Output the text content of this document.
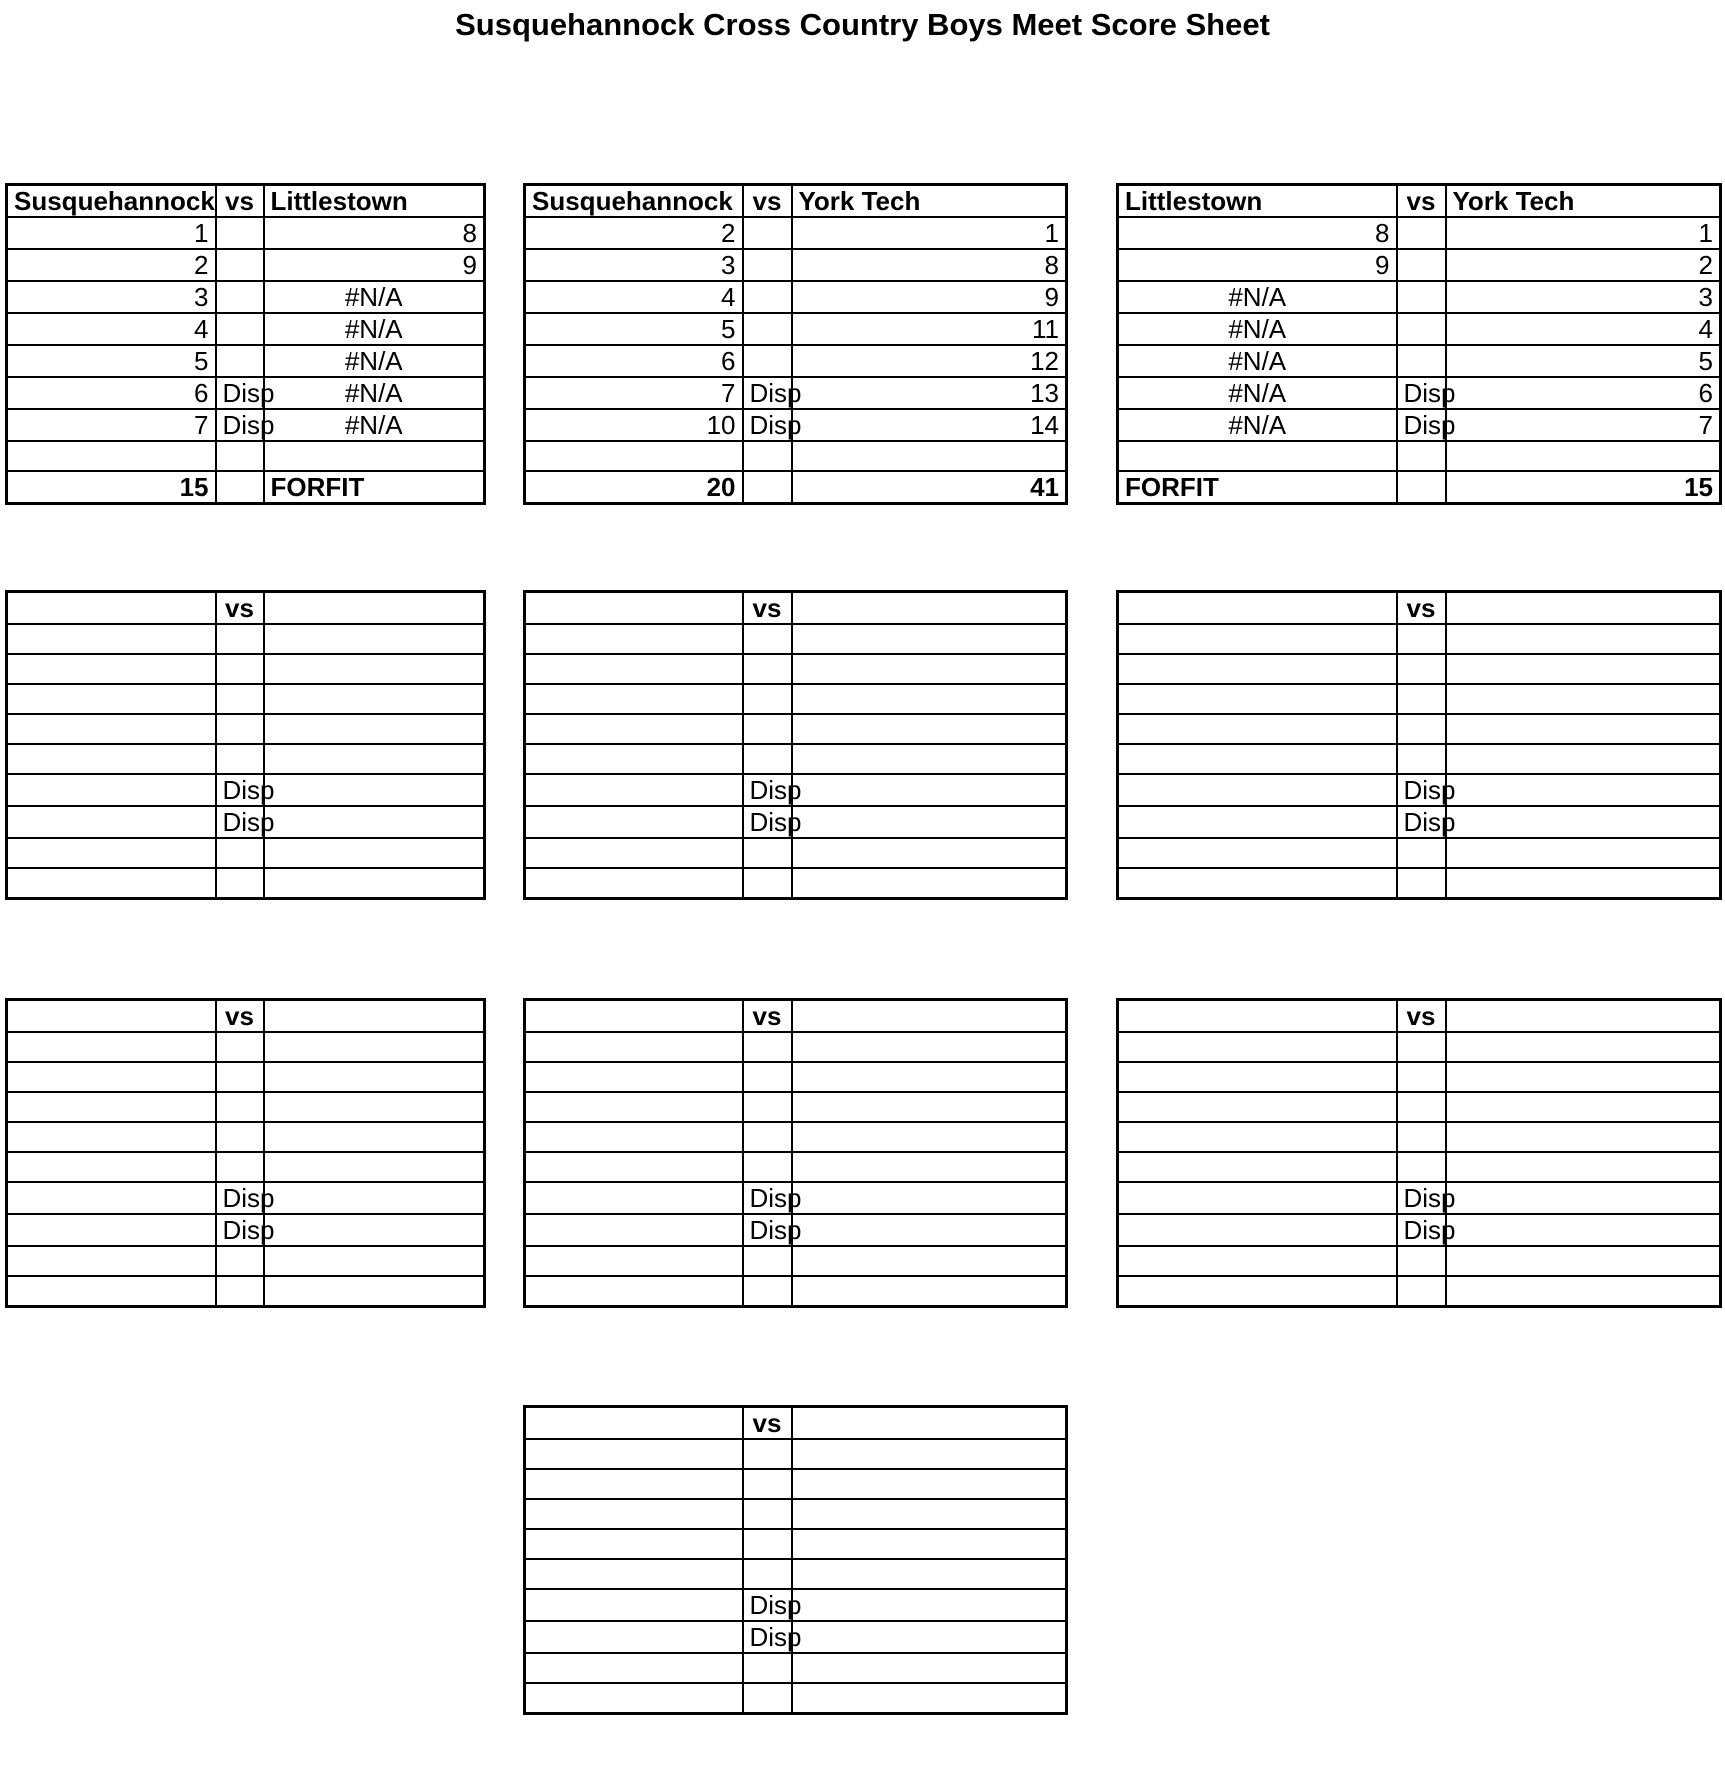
Susquehannock Cross Country Boys Meet Score Sheet
Susquehannock	vs	Littlestown
1		8
2		9
3		#N/A
4		#N/A
5		#N/A
6	Disp	#N/A
7	Disp	#N/A

15		FORFIT
Susquehannock	vs	York Tech
2		1
3		8
4		9
5		11
6		12
7	Disp	13
10	Disp	14

20		41
Littlestown	vs	York Tech
8		1
9		2
#N/A		3
#N/A		4
#N/A		5
#N/A	Disp	6
#N/A	Disp	7

FORFIT		15
	vs	

	Disp	
	Disp	

	vs	

	Disp	
	Disp	

	vs	

	Disp	
	Disp	

	vs	

	Disp	
	Disp	

	vs	

	Disp	
	Disp	

	vs	

	Disp	
	Disp	

	vs	

	Disp	
	Disp	
